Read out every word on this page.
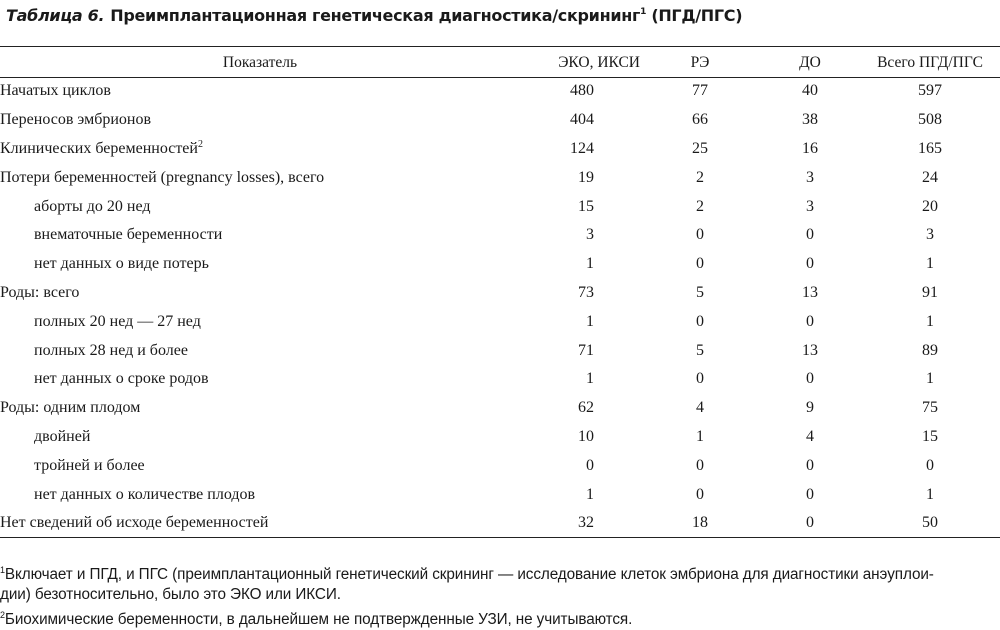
Таблица 6. Преимплантационная генетическая диагностика/скрининг$^1$ (ПГД/ПГС)
Показатель	ЭКО, ИКСИ	РЭ	ДО	Всего ПГД/ПГС
Начатых циклов	480	77	40	597
Переносов эмбрионов	404	66	38	508
Клинических беременностей$^2$	124	25	16	165
Потери беременностей (pregnancy losses), всего	19	2	3	24
аборты до 20 нед	15	2	3	20
внематочные беременности	3	0	0	3
нет данных о виде потерь	1	0	0	1
Роды: всего	73	5	13	91
полных 20 нед — 27 нед	1	0	0	1
полных 28 нед и более	71	5	13	89
нет данных о сроке родов	1	0	0	1
Роды: одним плодом	62	4	9	75
двойней	10	1	4	15
тройней и более	0	0	0	0
нет данных о количестве плодов	1	0	0	1
Нет сведений об исходе беременностей	32	18	0	50

$^1$Включает и ПГД, и ПГС (преимплантационный генетический скрининг — исследование клеток эмбриона для диагностики анэуплои-

дии) безотносительно, было это ЭКО или ИКСИ.

$^2$Биохимические беременности, в дальнейшем не подтвержденные УЗИ, не учитываются.
